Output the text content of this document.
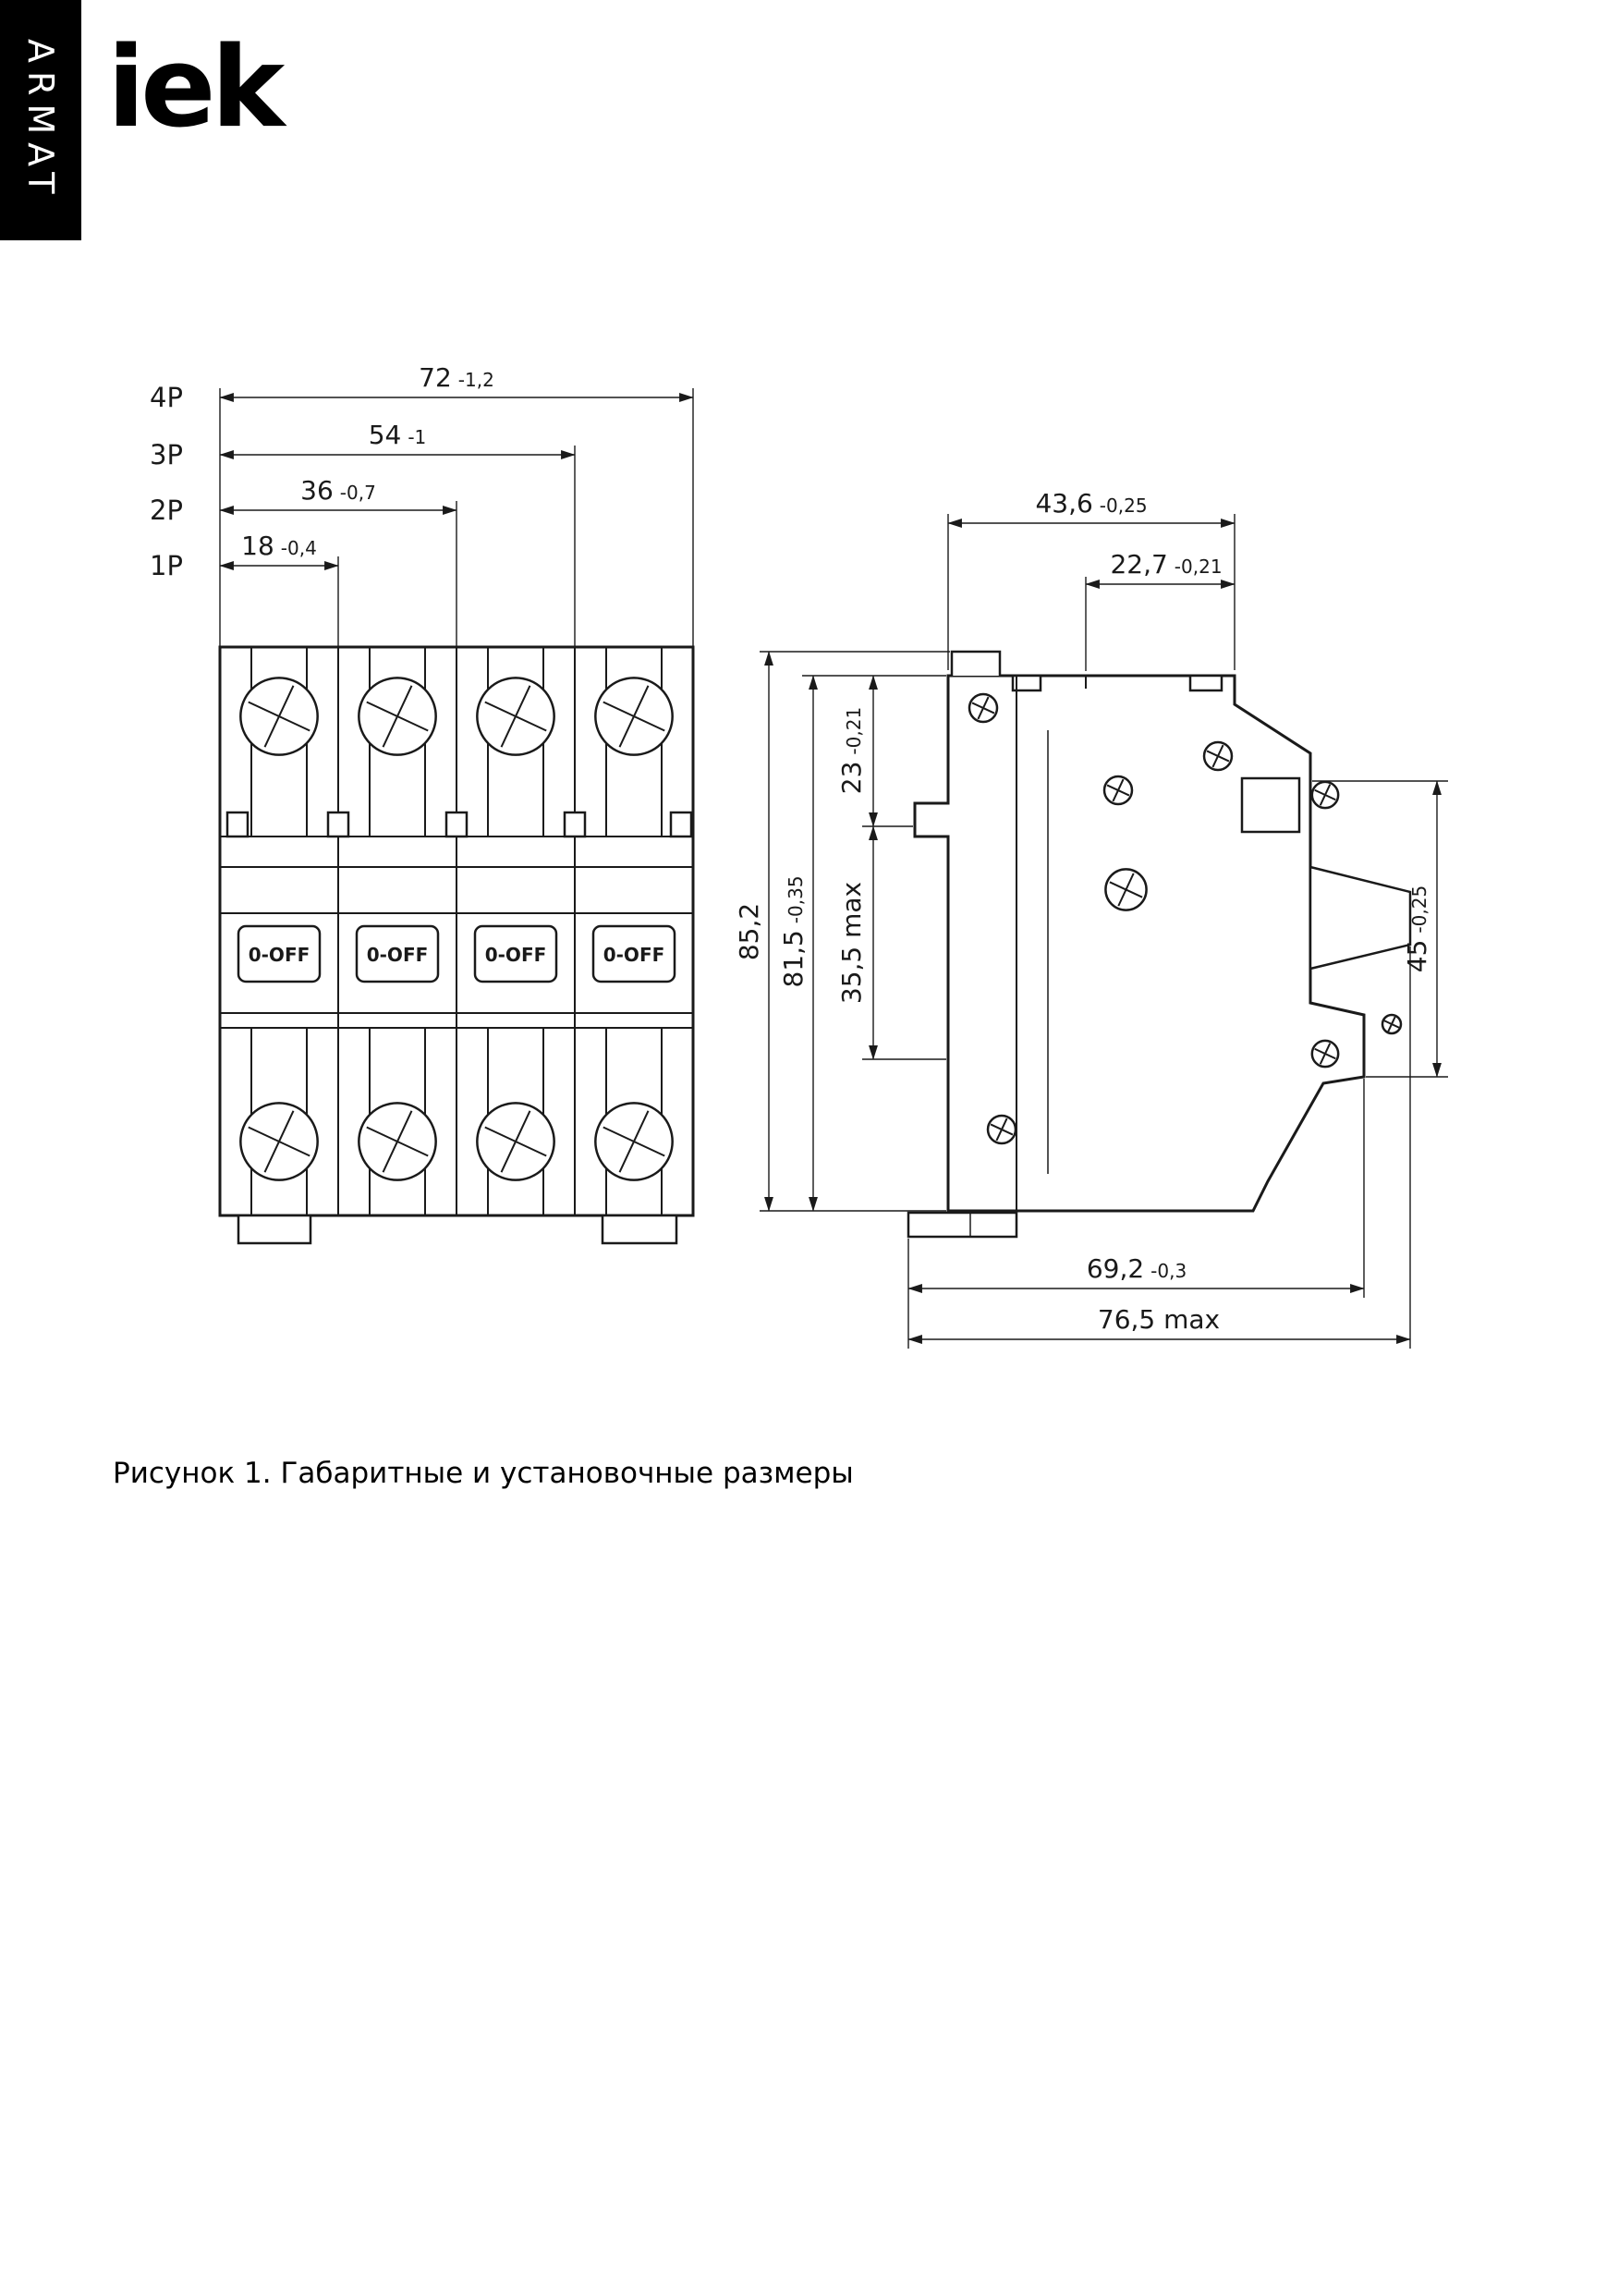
ARMAT iek
0-OFF	0-OFF	0-OFF	0-OFF
4P
3P
2P
1P
72 -1,2
54 -1
36 -0,7
18 -0,4
43,6 -0,25
22,7 -0,21
85,2 81,5-0,35
23-0,21
35,5 max	45-0,25
69,2 -0,3
76,5 max
Рисунок 1. Габаритные и установочные размеры
